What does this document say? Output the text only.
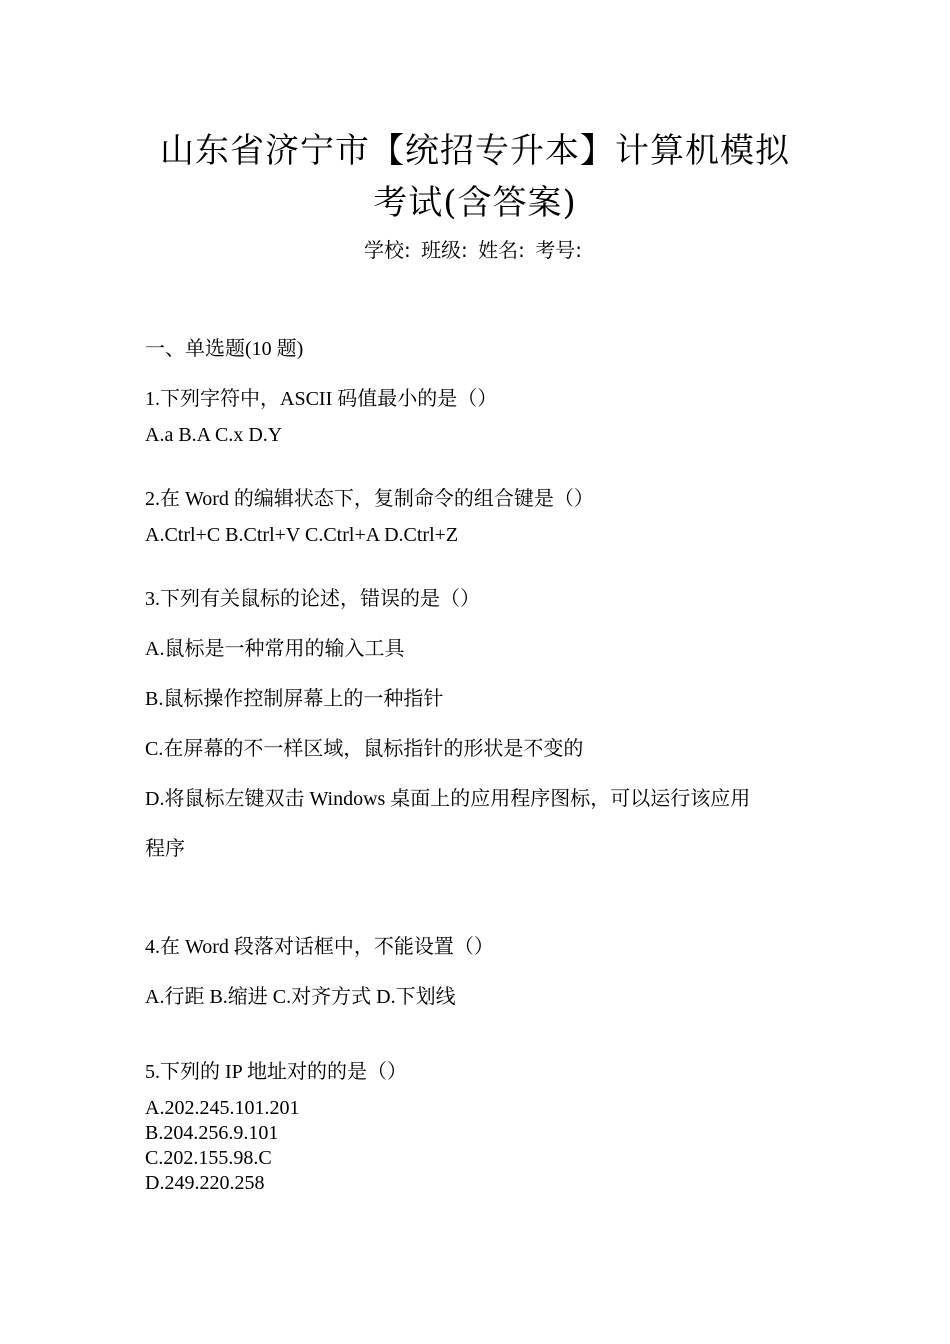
山东省济宁市【统招专升本】计算机模拟
考试(含答案)
学校: 班级: 姓名: 考号:
一、单选题(10 题)
1.下列字符中，ASCII 码值最小的是（）
A.a B.A C.x D.Y
2.在 Word 的编辑状态下，复制命令的组合键是（）
A.Ctrl+C B.Ctrl+V C.Ctrl+A D.Ctrl+Z
3.下列有关鼠标的论述，错误的是（）
A.鼠标是一种常用的输入工具
B.鼠标操作控制屏幕上的一种指针
C.在屏幕的不一样区域，鼠标指针的形状是不变的
D.将鼠标左键双击 Windows 桌面上的应用程序图标，可以运行该应用
程序
4.在 Word 段落对话框中，不能设置（）
A.行距 B.缩进 C.对齐方式 D.下划线
5.下列的 IP 地址对的的是（）
A.202.245.101.201
B.204.256.9.101
C.202.155.98.C
D.249.220.258
